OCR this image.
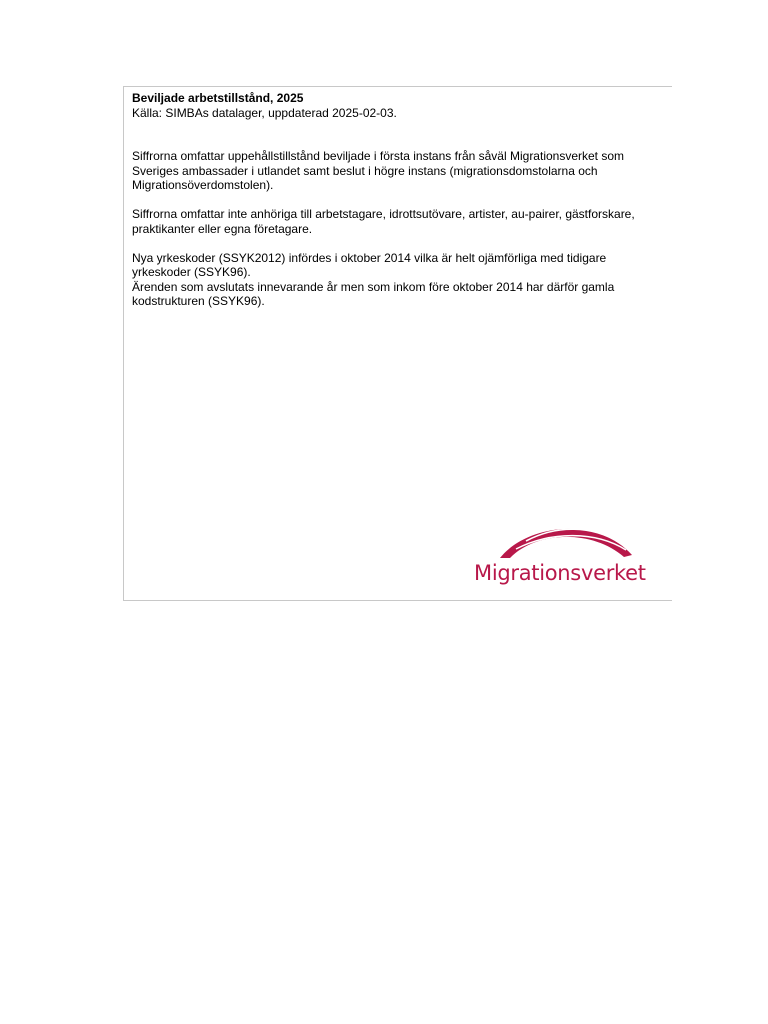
Beviljade arbetstillstånd, 2025

Källa: SIMBAs datalager, uppdaterad 2025-02-03.

Siffrorna omfattar uppehållstillstånd beviljade i första instans från såväl Migrationsverket som
Sveriges ambassader i utlandet samt beslut i högre instans (migrationsdomstolarna och
Migrationsöverdomstolen).

Siffrorna omfattar inte anhöriga till arbetstagare, idrottsutövare, artister, au-pairer, gästforskare,
praktikanter eller egna företagare.

Nya yrkeskoder (SSYK2012) infördes i oktober 2014 vilka är helt ojämförliga med tidigare
yrkeskoder (SSYK96).
Ärenden som avslutats innevarande år men som inkom före oktober 2014 har därför gamla
kodstrukturen (SSYK96).

Migrationsverket
